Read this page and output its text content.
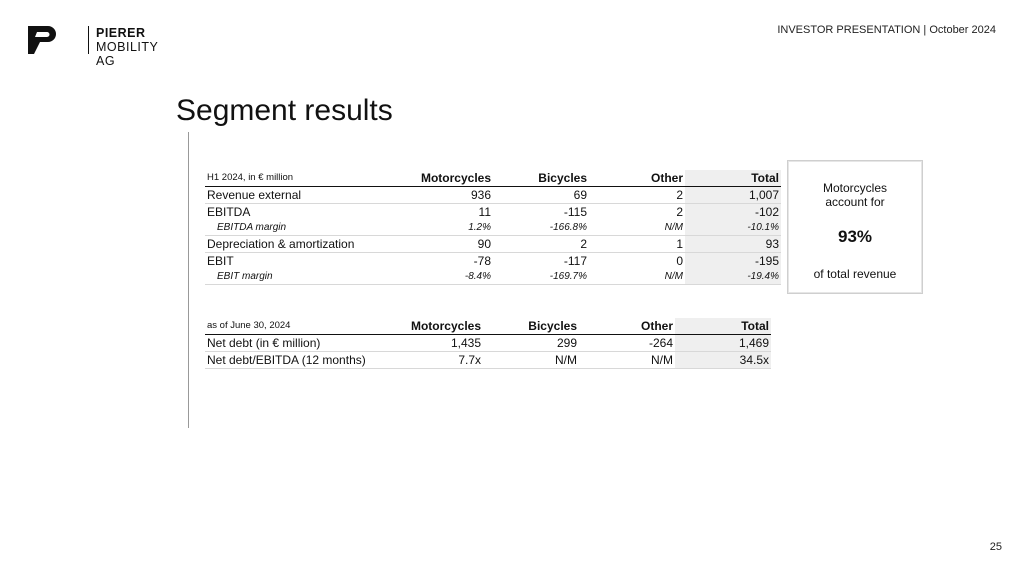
PIERER
MOBILITY AG
INVESTOR PRESENTATION | October 2024
Segment results
H1 2024, in € million	Motorcycles	Bicycles	Other	Total
Revenue external	936	69	2	1,007
EBITDA	11	-115	2	-102
EBITDA margin	1.2%	-166.8%	N/M	-10.1%
Depreciation & amortization	90	2	1	93
EBIT	-78	-117	0	-195
EBIT margin	-8.4%	-169.7%	N/M	-19.4%
as of June 30, 2024	Motorcycles	Bicycles	Other	Total
Net debt (in € million)	1,435	299	-264	1,469
Net debt/EBITDA (12 months)	7.7x	N/M	N/M	34.5x
Motorcycles
account for
93%
of total revenue
25
